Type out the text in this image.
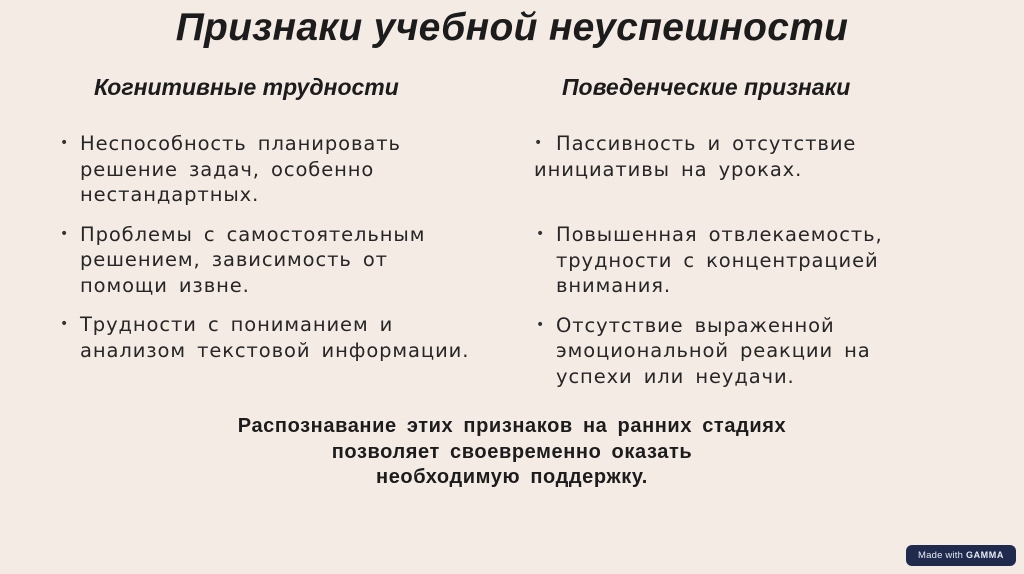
Признаки учебной неуспешности
Когнитивные трудности	Поведенческие признаки
• Неспособность планировать
решение задач, особенно
нестандартных.
• Проблемы с самостоятельным
решением, зависимость от
помощи извне.
• Трудности с пониманием и
анализом текстовой информации.
• Пассивность и отсутствие
инициативы на уроках.
• Повышенная отвлекаемость,
трудности с концентрацией
внимания.
• Отсутствие выраженной
эмоциональной реакции на
успехи или неудачи.
Распознавание этих признаков на ранних стадиях
позволяет своевременно оказать
необходимую поддержку.
Made with GAMMA
